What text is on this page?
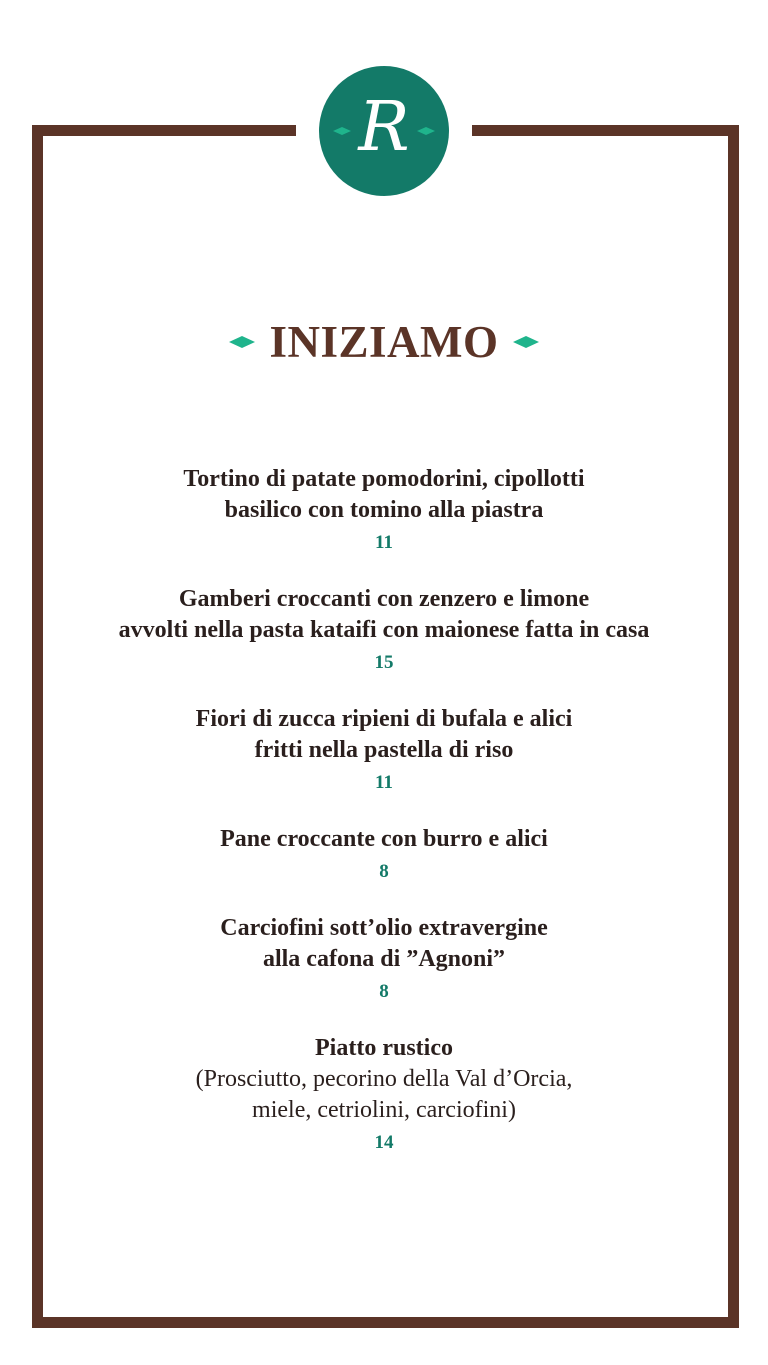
R
INIZIAMO
Tortino di patate pomodorini, cipollotti
basilico con tomino alla piastra
11
Gamberi croccanti con zenzero e limone
avvolti nella pasta kataifi con maionese fatta in casa
15
Fiori di zucca ripieni di bufala e alici
fritti nella pastella di riso
11
Pane croccante con burro e alici
8
Carciofini sott’olio extravergine
alla cafona di ”Agnoni”
8
Piatto rustico
(Prosciutto, pecorino della Val d’Orcia,
miele, cetriolini, carciofini)
14
